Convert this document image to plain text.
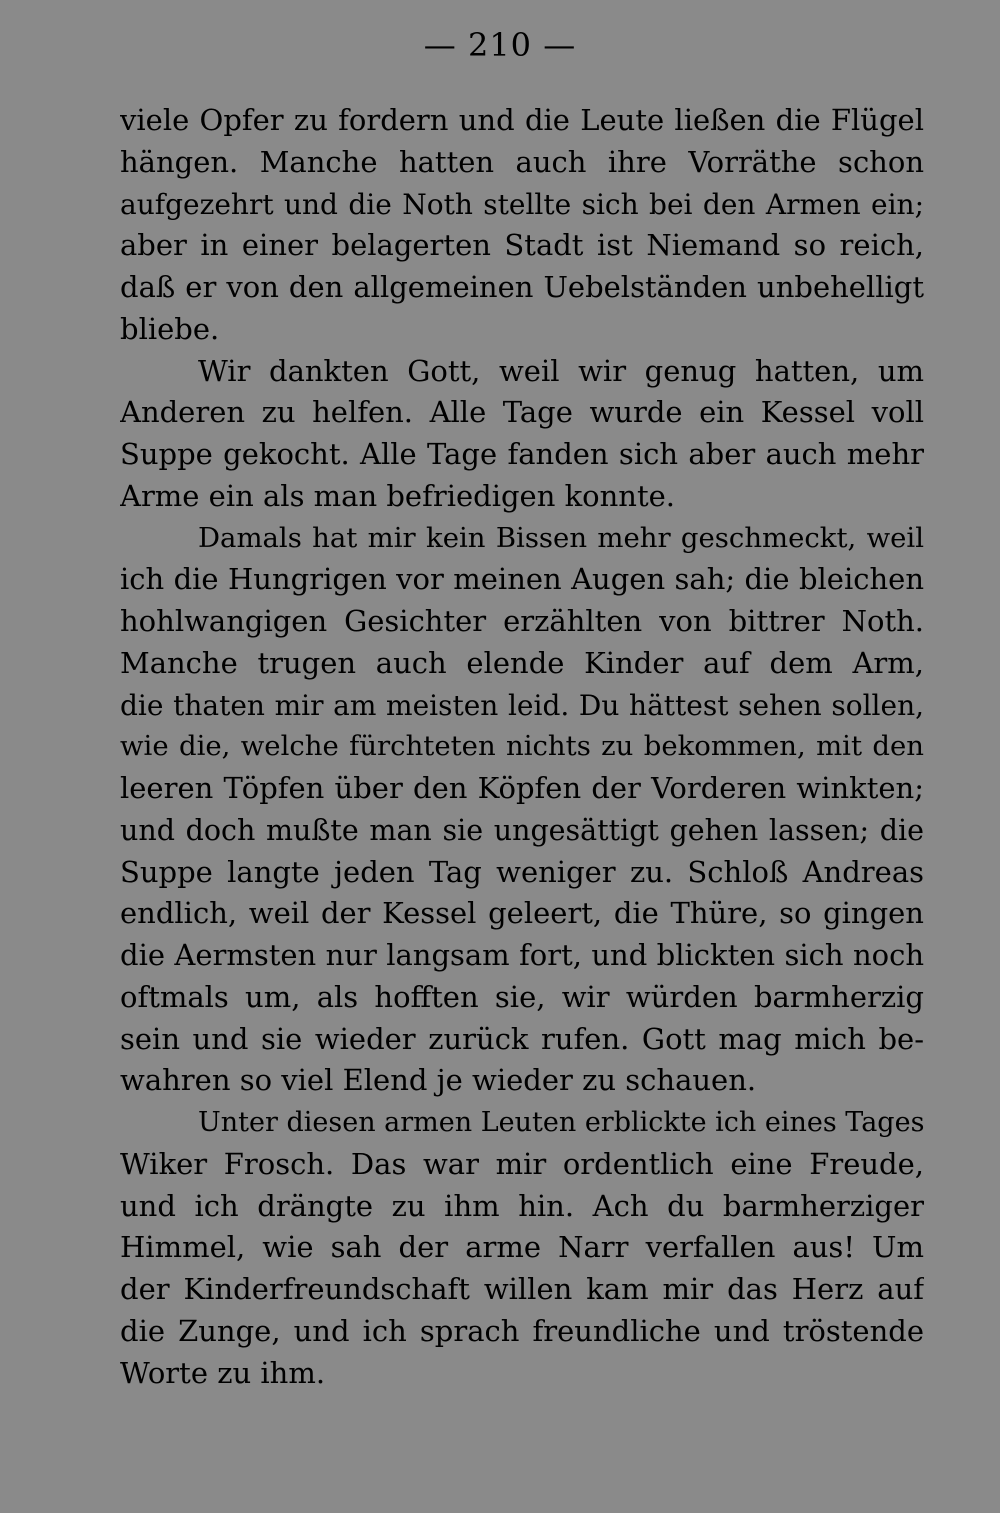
— 210 —
viele Opfer zu fordern und die Leute ließen die Flügel
hängen. Manche hatten auch ihre Vorräthe schon
aufgezehrt und die Noth stellte sich bei den Armen ein;
aber in einer belagerten Stadt ist Niemand so reich,
daß er von den allgemeinen Uebelständen unbehelligt
bliebe.
Wir dankten Gott, weil wir genug hatten, um
Anderen zu helfen. Alle Tage wurde ein Kessel voll
Suppe gekocht. Alle Tage fanden sich aber auch mehr
Arme ein als man befriedigen konnte.
Damals hat mir kein Bissen mehr geschmeckt, weil
ich die Hungrigen vor meinen Augen sah; die bleichen
hohlwangigen Gesichter erzählten von bittrer Noth.
Manche trugen auch elende Kinder auf dem Arm,
die thaten mir am meisten leid. Du hättest sehen sollen,
wie die, welche fürchteten nichts zu bekommen, mit den
leeren Töpfen über den Köpfen der Vorderen winkten;
und doch mußte man sie ungesättigt gehen lassen; die
Suppe langte jeden Tag weniger zu. Schloß Andreas
endlich, weil der Kessel geleert, die Thüre, so gingen
die Aermsten nur langsam fort, und blickten sich noch
oftmals um, als hofften sie, wir würden barmherzig
sein und sie wieder zurück rufen. Gott mag mich be-
wahren so viel Elend je wieder zu schauen.
Unter diesen armen Leuten erblickte ich eines Tages
Wiker Frosch. Das war mir ordentlich eine Freude,
und ich drängte zu ihm hin. Ach du barmherziger
Himmel, wie sah der arme Narr verfallen aus! Um
der Kinderfreundschaft willen kam mir das Herz auf
die Zunge, und ich sprach freundliche und tröstende
Worte zu ihm.
